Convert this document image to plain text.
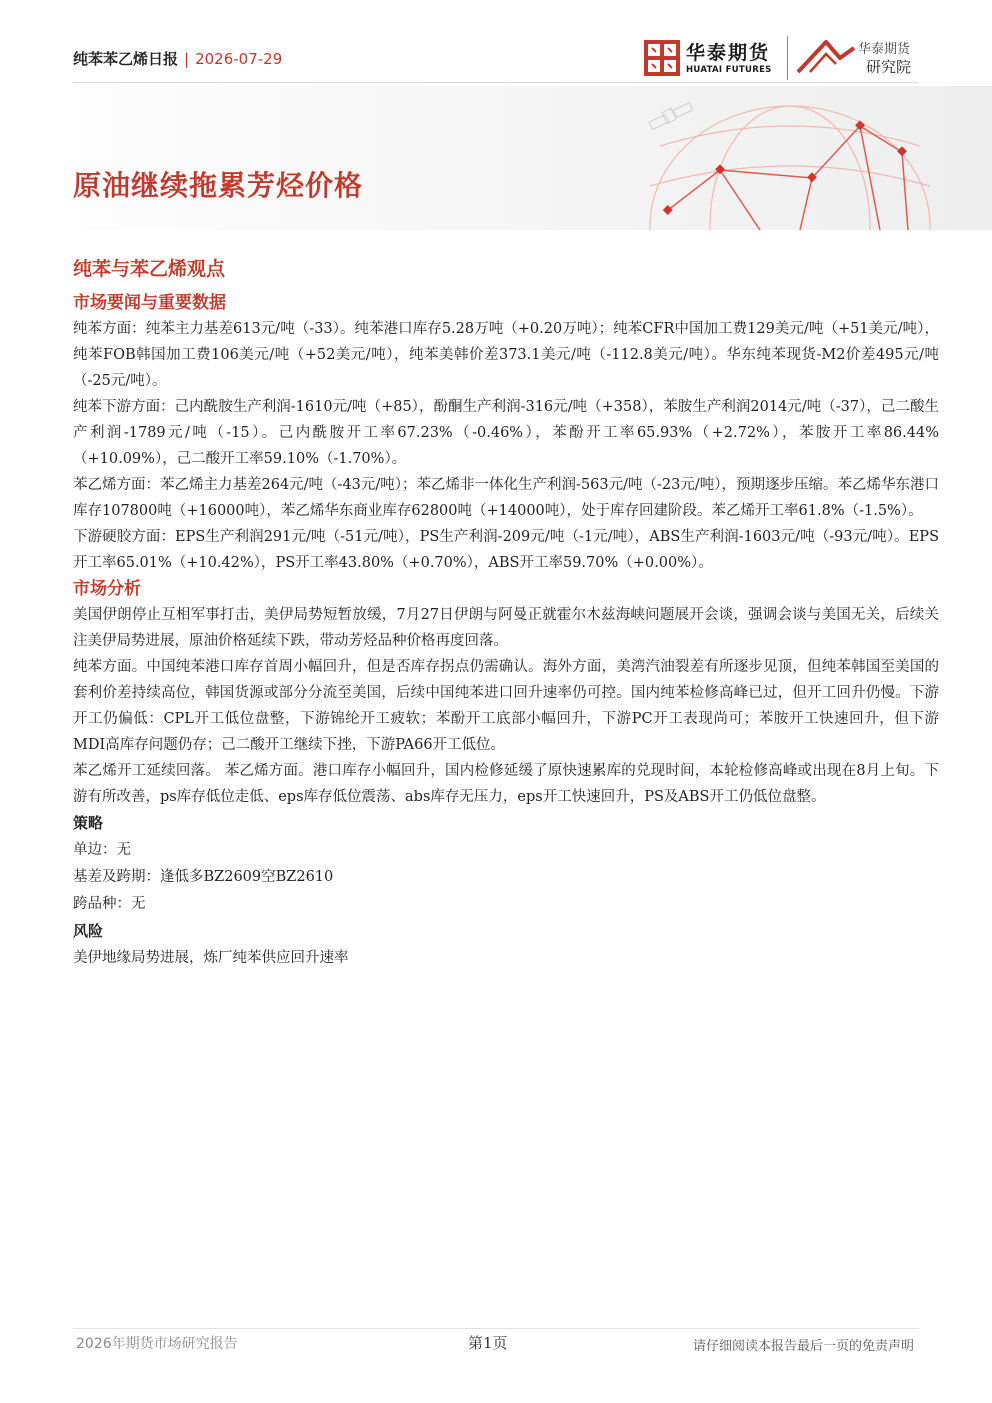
纯苯苯乙烯日报 | 2026-07-29	华泰期货
HUATAI FUTURES
华泰期货
研究院
原油继续拖累芳烃价格
纯苯与苯乙烯观点
市场要闻与重要数据

纯苯方面：纯苯主力基差613元/吨（-33）。纯苯港口库存5.28万吨（+0.20万吨）；纯苯CFR中国加工费129美元/吨（+51美元/吨），纯苯FOB韩国加工费106美元/吨（+52美元/吨），纯苯美韩价差373.1美元/吨（-112.8美元/吨）。华东纯苯现货-M2价差495元/吨（-25元/吨）。

纯苯下游方面：己内酰胺生产利润-1610元/吨（+85），酚酮生产利润-316元/吨（+358），苯胺生产利润2014元/吨（-37），己二酸生产利润-1789元/吨（-15）。己内酰胺开工率67.23%（-0.46%），苯酚开工率65.93%（+2.72%），苯胺开工率86.44%（+10.09%），己二酸开工率59.10%（-1.70%）。

苯乙烯方面：苯乙烯主力基差264元/吨（-43元/吨）；苯乙烯非一体化生产利润-563元/吨（-23元/吨），预期逐步压缩。苯乙烯华东港口库存107800吨（+16000吨），苯乙烯华东商业库存62800吨（+14000吨），处于库存回建阶段。苯乙烯开工率61.8%（-1.5%）。

下游硬胶方面：EPS生产利润291元/吨（-51元/吨），PS生产利润-209元/吨（-1元/吨），ABS生产利润-1603元/吨（-93元/吨）。EPS开工率65.01%（+10.42%），PS开工率43.80%（+0.70%），ABS开工率59.70%（+0.00%）。

市场分析

美国伊朗停止互相军事打击，美伊局势短暂放缓，7月27日伊朗与阿曼正就霍尔木兹海峡问题展开会谈，强调会谈与美国无关，后续关注美伊局势进展，原油价格延续下跌，带动芳烃品种价格再度回落。

纯苯方面。中国纯苯港口库存首周小幅回升，但是否库存拐点仍需确认。海外方面，美湾汽油裂差有所逐步见顶，但纯苯韩国至美国的套利价差持续高位，韩国货源或部分分流至美国，后续中国纯苯进口回升速率仍可控。国内纯苯检修高峰已过，但开工回升仍慢。下游开工仍偏低：CPL开工低位盘整，下游锦纶开工疲软；苯酚开工底部小幅回升，下游PC开工表现尚可；苯胺开工快速回升，但下游MDI高库存问题仍存；己二酸开工继续下挫，下游PA66开工低位。

苯乙烯开工延续回落。 苯乙烯方面。港口库存小幅回升，国内检修延缓了原快速累库的兑现时间，本轮检修高峰或出现在8月上旬。下游有所改善，ps库存低位走低、eps库存低位震荡、abs库存无压力，eps开工快速回升，PS及ABS开工仍低位盘整。

策略

单边：无

基差及跨期：逢低多BZ2609空BZ2610

跨品种：无

风险

美伊地缘局势进展，炼厂纯苯供应回升速率

2026年期货市场研究报告	第1页	请仔细阅读本报告最后一页的免责声明
